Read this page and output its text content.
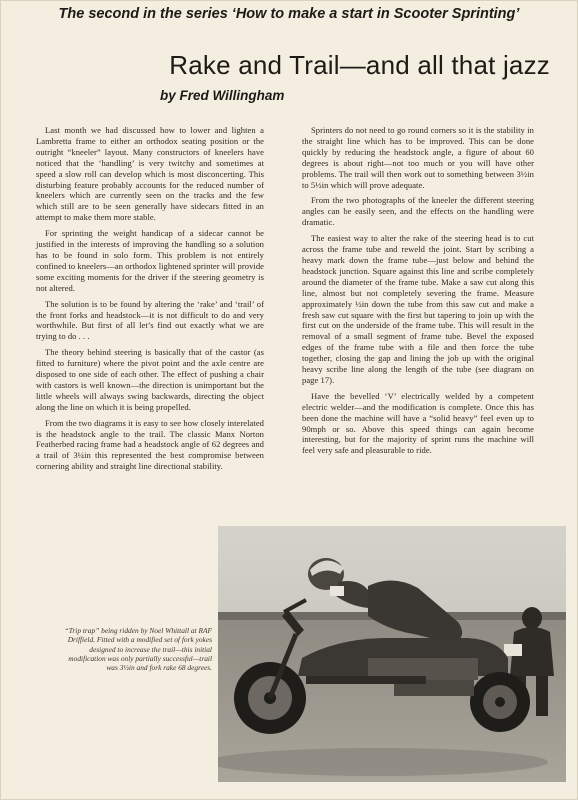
The second in the series ‘How to make a start in Scooter Sprinting’
Rake and Trail—and all that jazz
by Fred Willingham

Last month we had discussed how to lower and lighten a Lambretta frame to either an orthodox seating position or the outright “kneeler” layout. Many constructors of kneelers have noticed that the ‘handling’ is very twitchy and sometimes at speed a slow roll can develop which is most disconcerting. This disturbing feature probably accounts for the reduced number of kneelers which are currently seen on the tracks and the few which still are to be seen generally have sidecars fitted in an attempt to make them more stable.

For sprinting the weight handicap of a sidecar cannot be justified in the interests of improving the handling so a solution has to be found in solo form. This problem is not entirely confined to kneelers—an orthodox lightened sprinter will provide some exciting moments for the driver if the steering geometry is not altered.

The solution is to be found by altering the ‘rake’ and ‘trail’ of the front forks and headstock—it is not difficult to do and very worthwhile. But first of all let’s find out exactly what we are trying to do . . .

The theory behind steering is basically that of the castor (as fitted to furniture) where the pivot point and the axle centre are disposed to one side of each other. The effect of pushing a chair with castors is well known—the direction is unimportant but the little wheels will always swing backwards, directing the object along the line on which it is being propelled.

From the two diagrams it is easy to see how closely interelated is the headstock angle to the trail. The classic Manx Norton Featherbed racing frame had a headstock angle of 62 degrees and a trail of 3¼in this represented the best compromise between cornering ability and straight line directional stability.

Sprinters do not need to go round corners so it is the stability in the straight line which has to be improved. This can be done quickly by reducing the headstock angle, a figure of about 60 degrees is about right—not too much or you will have other problems. The trail will then work out to something between 3½in to 5½in which will prove adequate.

From the two photographs of the kneeler the different steering angles can be easily seen, and the effects on the handling were dramatic.

The easiest way to alter the rake of the steering head is to cut across the frame tube and reweld the joint. Start by scribing a heavy mark down the frame tube—just below and behind the headstock junction. Square against this line and scribe completely around the diameter of the frame tube. Make a saw cut along this line, almost but not completely severing the frame. Measure approximately ½in down the tube from this saw cut and make a fresh saw cut square with the first but tapering to join up with the first cut on the underside of the frame tube. This will result in the removal of a small segment of frame tube. Bevel the exposed edges of the frame tube with a file and then force the tube together, closing the gap and lining the job up with the original heavy scribe line along the length of the tube (see diagram on page 17).

Have the bevelled ‘V’ electrically welded by a competent electric welder—and the modification is complete. Once this has been done the machine will have a “solid heavy” feel even up to 90mph or so. Above this speed things can again become interesting, but for the majority of sprint runs the machine will feel very safe and pleasurable to ride.

“Trip trap” being ridden by Noel Whittall at RAF Driffield. Fitted with a modified set of fork yokes designed to increase the trail—this initial modification was only partially successful—trail was 3½in and fork rake 68 degrees.
